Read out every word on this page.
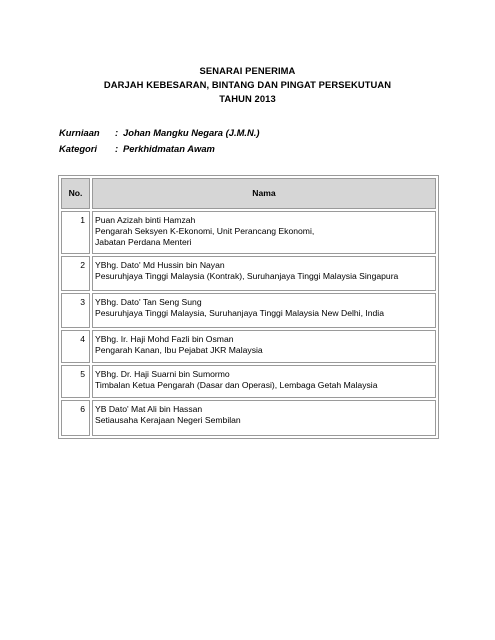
SENARAI PENERIMA
DARJAH KEBESARAN, BINTANG DAN PINGAT PERSEKUTUAN
TAHUN 2013
Kurniaan	: Johan Mangku Negara (J.M.N.)
Kategori	: Perkhidmatan Awam
No.	Nama
1	Puan Azizah binti Hamzah
Pengarah Seksyen K-Ekonomi, Unit Perancang Ekonomi,
Jabatan Perdana Menteri

2	YBhg. Dato' Md Hussin bin Nayan
Pesuruhjaya Tinggi Malaysia (Kontrak), Suruhanjaya Tinggi Malaysia Singapura

3	YBhg. Dato' Tan Seng Sung
Pesuruhjaya Tinggi Malaysia, Suruhanjaya Tinggi Malaysia New Delhi, India

4	YBhg. Ir. Haji Mohd Fazli bin Osman
Pengarah Kanan, Ibu Pejabat JKR Malaysia

5	YBhg. Dr. Haji Suarni bin Sumormo
Timbalan Ketua Pengarah (Dasar dan Operasi), Lembaga Getah Malaysia

6	YB Dato' Mat Ali bin Hassan
Setiausaha Kerajaan Negeri Sembilan
